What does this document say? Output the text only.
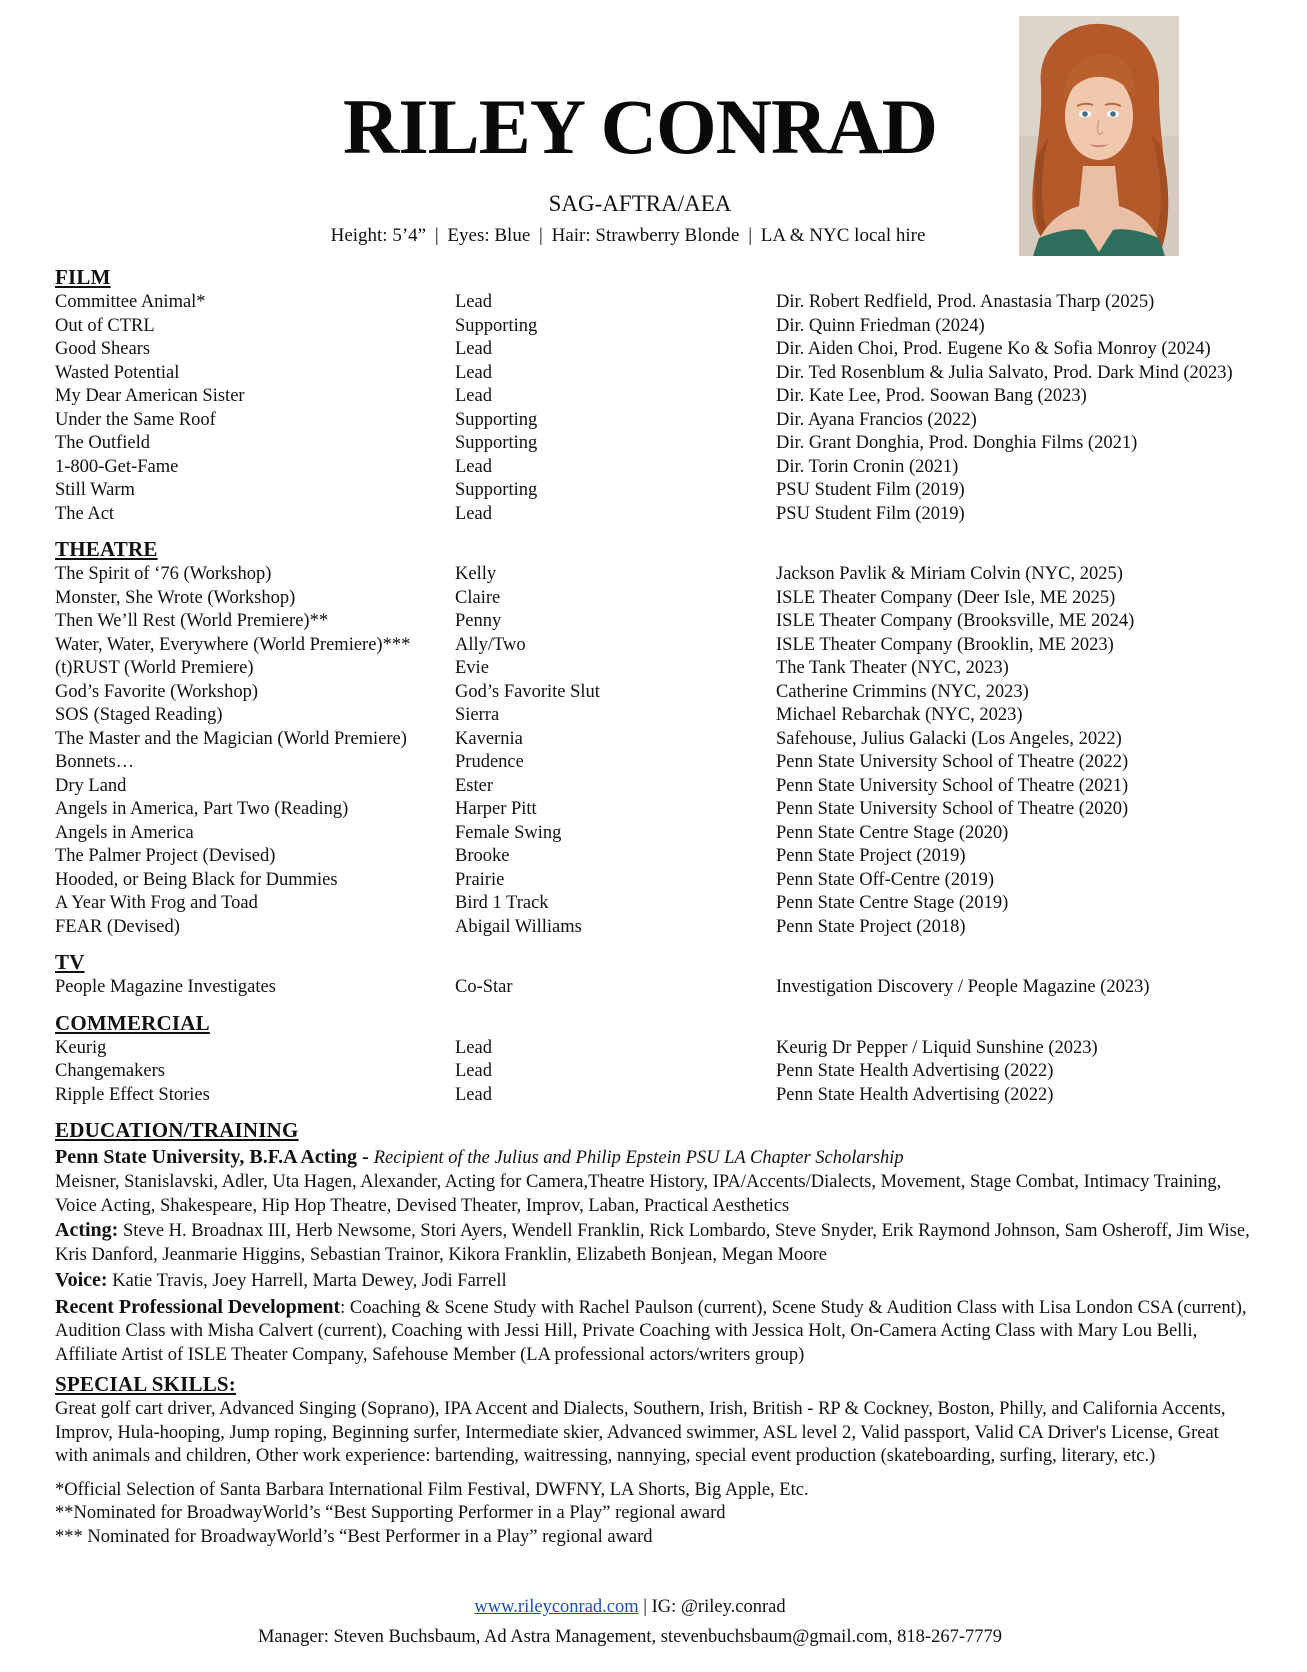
RILEY CONRAD
SAG-AFTRA/AEA
Height: 5’4” | Eyes: Blue | Hair: Strawberry Blonde | LA & NYC local hire
FILM
Committee Animal*	Lead	Dir. Robert Redfield, Prod. Anastasia Tharp (2025)
Out of CTRL	Supporting	Dir. Quinn Friedman (2024)
Good Shears	Lead	Dir. Aiden Choi, Prod. Eugene Ko & Sofia Monroy (2024)
Wasted Potential	Lead	Dir. Ted Rosenblum & Julia Salvato, Prod. Dark Mind (2023)
My Dear American Sister	Lead	Dir. Kate Lee, Prod. Soowan Bang (2023)
Under the Same Roof	Supporting	Dir. Ayana Francios (2022)
The Outfield	Supporting	Dir. Grant Donghia, Prod. Donghia Films (2021)
1-800-Get-Fame	Lead	Dir. Torin Cronin (2021)
Still Warm	Supporting	PSU Student Film (2019)
The Act	Lead	PSU Student Film (2019)
THEATRE
The Spirit of ‘76 (Workshop)	Kelly	Jackson Pavlik & Miriam Colvin (NYC, 2025)
Monster, She Wrote (Workshop)	Claire	ISLE Theater Company (Deer Isle, ME 2025)
Then We’ll Rest (World Premiere)**	Penny	ISLE Theater Company (Brooksville, ME 2024)
Water, Water, Everywhere (World Premiere)***	Ally/Two	ISLE Theater Company (Brooklin, ME 2023)
(t)RUST (World Premiere)	Evie	The Tank Theater (NYC, 2023)
God’s Favorite (Workshop)	God’s Favorite Slut	Catherine Crimmins (NYC, 2023)
SOS (Staged Reading)	Sierra	Michael Rebarchak (NYC, 2023)
The Master and the Magician (World Premiere)	Kavernia	Safehouse, Julius Galacki (Los Angeles, 2022)
Bonnets…	Prudence	Penn State University School of Theatre (2022)
Dry Land	Ester	Penn State University School of Theatre (2021)
Angels in America, Part Two (Reading)	Harper Pitt	Penn State University School of Theatre (2020)
Angels in America	Female Swing	Penn State Centre Stage (2020)
The Palmer Project (Devised)	Brooke	Penn State Project (2019)
Hooded, or Being Black for Dummies	Prairie	Penn State Off-Centre (2019)
A Year With Frog and Toad	Bird 1 Track	Penn State Centre Stage (2019)
FEAR (Devised)	Abigail Williams	Penn State Project (2018)
TV
People Magazine Investigates	Co-Star	Investigation Discovery / People Magazine (2023)
COMMERCIAL
Keurig	Lead	Keurig Dr Pepper / Liquid Sunshine (2023)
Changemakers	Lead	Penn State Health Advertising (2022)
Ripple Effect Stories	Lead	Penn State Health Advertising (2022)
EDUCATION/TRAINING
Penn State University, B.F.A Acting - Recipient of the Julius and Philip Epstein PSU LA Chapter Scholarship
Meisner, Stanislavski, Adler, Uta Hagen, Alexander, Acting for Camera,Theatre History, IPA/Accents/Dialects, Movement, Stage Combat, Intimacy Training, Voice Acting, Shakespeare, Hip Hop Theatre, Devised Theater, Improv, Laban, Practical Aesthetics
Acting: Steve H. Broadnax III, Herb Newsome, Stori Ayers, Wendell Franklin, Rick Lombardo, Steve Snyder, Erik Raymond Johnson, Sam Osheroff, Jim Wise, Kris Danford, Jeanmarie Higgins, Sebastian Trainor, Kikora Franklin, Elizabeth Bonjean, Megan Moore
Voice: Katie Travis, Joey Harrell, Marta Dewey, Jodi Farrell
Recent Professional Development: Coaching & Scene Study with Rachel Paulson (current), Scene Study & Audition Class with Lisa London CSA (current), Audition Class with Misha Calvert (current), Coaching with Jessi Hill, Private Coaching with Jessica Holt, On-Camera Acting Class with Mary Lou Belli, Affiliate Artist of ISLE Theater Company, Safehouse Member (LA professional actors/writers group)
SPECIAL SKILLS:
Great golf cart driver, Advanced Singing (Soprano), IPA Accent and Dialects, Southern, Irish, British - RP & Cockney, Boston, Philly, and California Accents, Improv, Hula-hooping, Jump roping, Beginning surfer, Intermediate skier, Advanced swimmer, ASL level 2, Valid passport, Valid CA Driver's License, Great with animals and children, Other work experience: bartending, waitressing, nannying, special event production (skateboarding, surfing, literary, etc.)
*Official Selection of Santa Barbara International Film Festival, DWFNY, LA Shorts, Big Apple, Etc.
**Nominated for BroadwayWorld’s “Best Supporting Performer in a Play” regional award
*** Nominated for BroadwayWorld’s “Best Performer in a Play” regional award
www.rileyconrad.com | IG: @riley.conrad
Manager: Steven Buchsbaum, Ad Astra Management, stevenbuchsbaum@gmail.com, 818-267-7779
